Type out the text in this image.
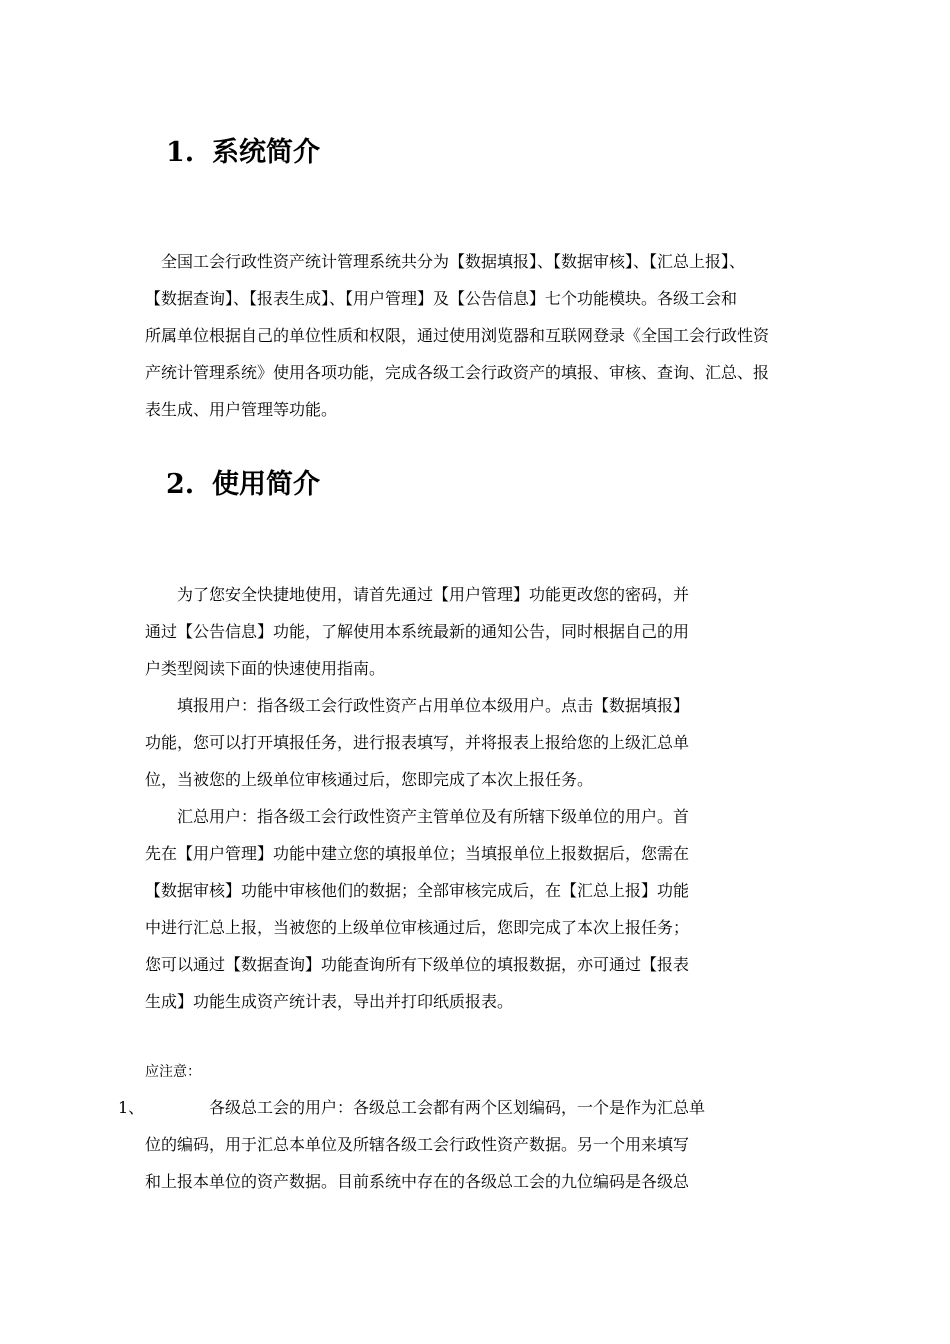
1. 系统简介
　全国工会行政性资产统计管理系统共分为【数据填报】、【数据审核】、【汇总上报】、
【数据查询】、【报表生成】、【用户管理】及【公告信息】七个功能模块。各级工会和
所属单位根据自己的单位性质和权限，通过使用浏览器和互联网登录《全国工会行政性资
产统计管理系统》使用各项功能，完成各级工会行政资产的填报、审核、查询、汇总、报
表生成、用户管理等功能。
2. 使用简介
　　为了您安全快捷地使用，请首先通过【用户管理】功能更改您的密码，并
通过【公告信息】功能，了解使用本系统最新的通知公告，同时根据自己的用
户类型阅读下面的快速使用指南。
　　填报用户：指各级工会行政性资产占用单位本级用户。点击【数据填报】
功能，您可以打开填报任务，进行报表填写，并将报表上报给您的上级汇总单
位，当被您的上级单位审核通过后，您即完成了本次上报任务。
　　汇总用户：指各级工会行政性资产主管单位及有所辖下级单位的用户。首
先在【用户管理】功能中建立您的填报单位；当填报单位上报数据后，您需在
【数据审核】功能中审核他们的数据；全部审核完成后，在【汇总上报】功能
中进行汇总上报，当被您的上级单位审核通过后，您即完成了本次上报任务；
您可以通过【数据查询】功能查询所有下级单位的填报数据，亦可通过【报表
生成】功能生成资产统计表，导出并打印纸质报表。
应注意：
1、 　　　　各级总工会的用户：各级总工会都有两个区划编码，一个是作为汇总单
位的编码，用于汇总本单位及所辖各级工会行政性资产数据。另一个用来填写
和上报本单位的资产数据。目前系统中存在的各级总工会的九位编码是各级总
